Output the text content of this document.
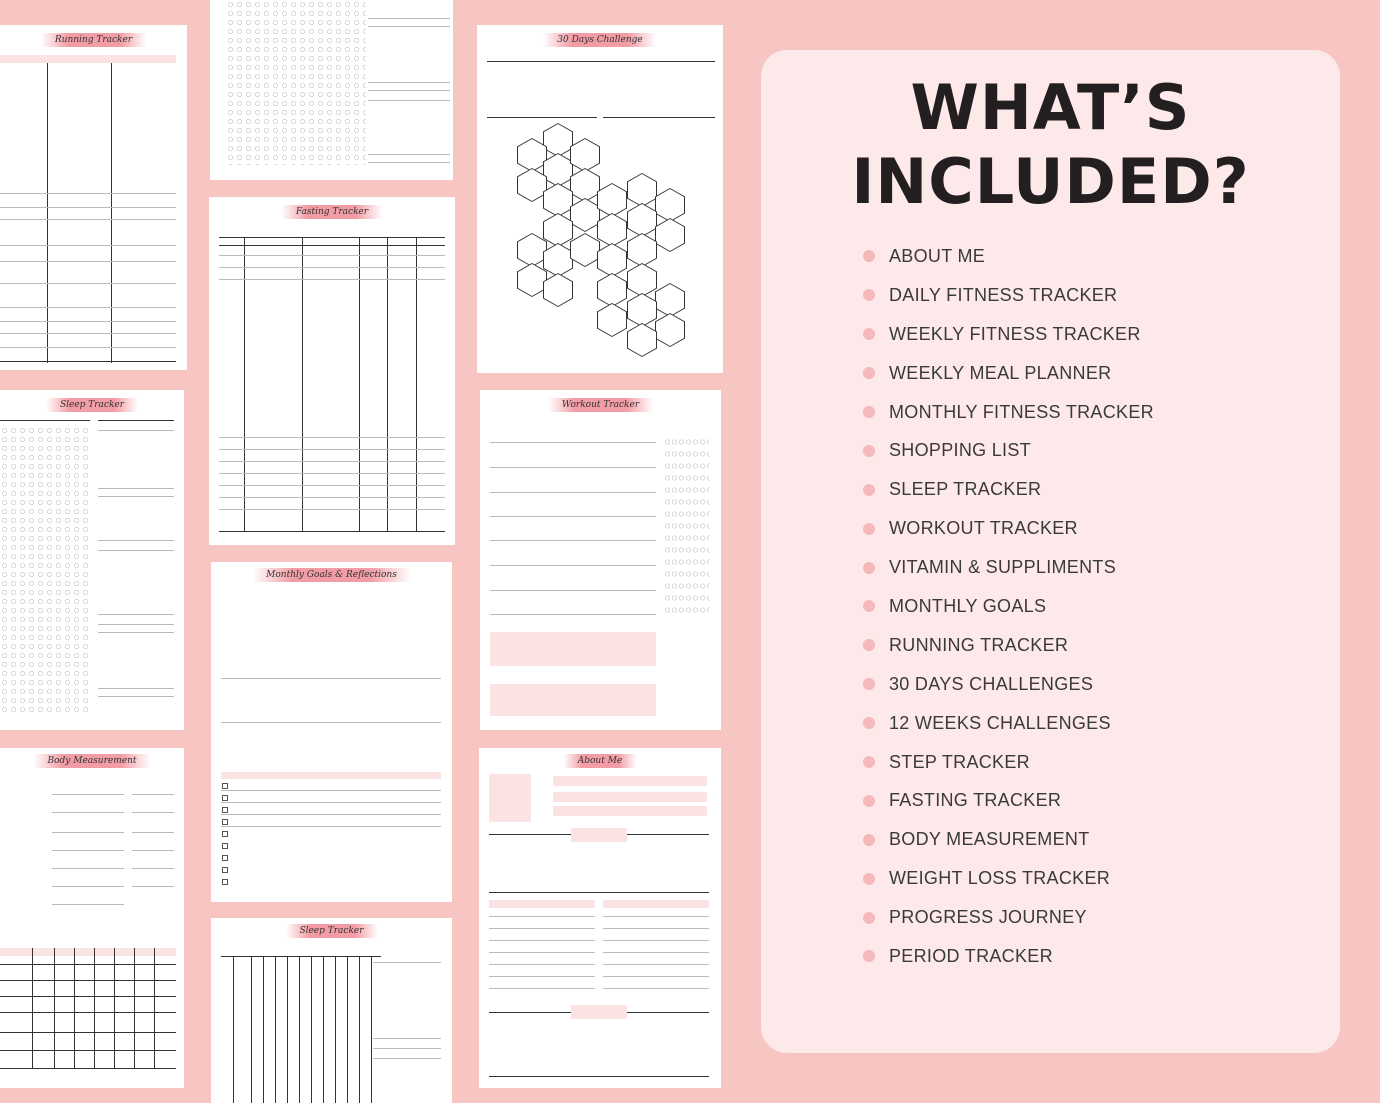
Running Tracker	30 Days Challenge
Fasting Tracker
Sleep Tracker	Workout Tracker
Monthly Goals & Reflections
Body Measurement	About Me
Sleep Tracker
WHAT’S
INCLUDED?
ABOUT ME
DAILY FITNESS TRACKER
WEEKLY FITNESS TRACKER
WEEKLY MEAL PLANNER
MONTHLY FITNESS TRACKER
SHOPPING LIST
SLEEP TRACKER
WORKOUT TRACKER
VITAMIN & SUPPLIMENTS
MONTHLY GOALS
RUNNING TRACKER
30 DAYS CHALLENGES
12 WEEKS CHALLENGES
STEP TRACKER
FASTING TRACKER
BODY MEASUREMENT
WEIGHT LOSS TRACKER
PROGRESS JOURNEY
PERIOD TRACKER
